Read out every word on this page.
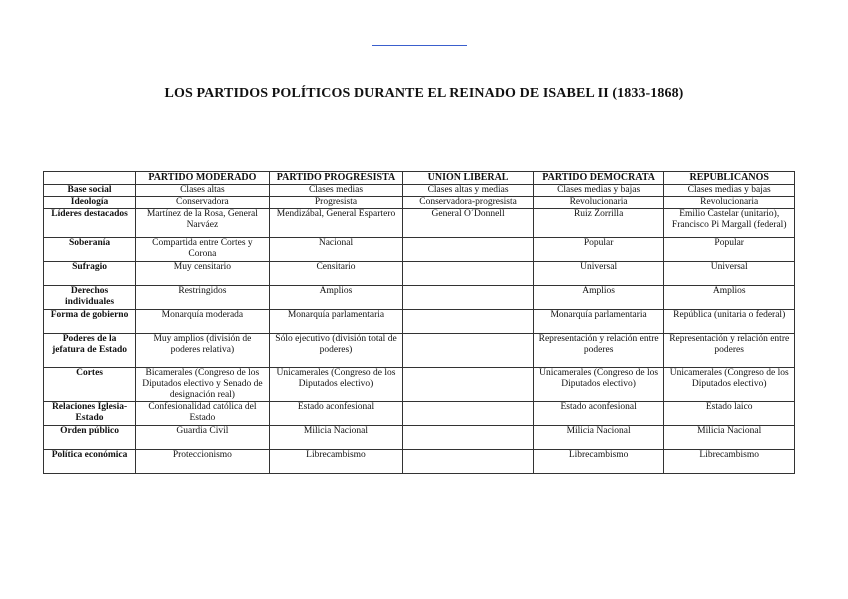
LOS PARTIDOS POLÍTICOS DURANTE EL REINADO DE ISABEL II (1833-1868)
	PARTIDO MODERADO	PARTIDO PROGRESISTA	UNIÓN LIBERAL	PARTIDO DEMÓCRATA	REPUBLICANOS
Base social	Clases altas	Clases medias	Clases altas y medias	Clases medias y bajas	Clases medias y bajas
Ideología	Conservadora	Progresista	Conservadora-progresista	Revolucionaria	Revolucionaria
Líderes destacados	Martínez de la Rosa, General Narváez	Mendizábal, General Espartero	General O´Donnell	Ruiz Zorrilla	Emilio Castelar (unitario), Francisco Pi Margall (federal)
Soberanía	Compartida entre Cortes y Corona	Nacional		Popular	Popular
Sufragio	Muy censitario	Censitario		Universal	Universal
Derechos individuales	Restringidos	Amplios		Amplios	Amplios
Forma de gobierno	Monarquía moderada	Monarquía parlamentaria		Monarquía parlamentaria	República (unitaria o federal)
Poderes de la jefatura de Estado	Muy amplios (división de poderes relativa)	Sólo ejecutivo (división total de poderes)		Representación y relación entre poderes	Representación y relación entre poderes
Cortes	Bicamerales (Congreso de los Diputados electivo y Senado de designación real)	Unicamerales (Congreso de los Diputados electivo)		Unicamerales (Congreso de los Diputados electivo)	Unicamerales (Congreso de los Diputados electivo)
Relaciones Iglesia-Estado	Confesionalidad católica del Estado	Estado aconfesional		Estado aconfesional	Estado laico
Orden público	Guardia Civil	Milicia Nacional		Milicia Nacional	Milicia Nacional
Política económica	Proteccionismo	Librecambismo		Librecambismo	Librecambismo
